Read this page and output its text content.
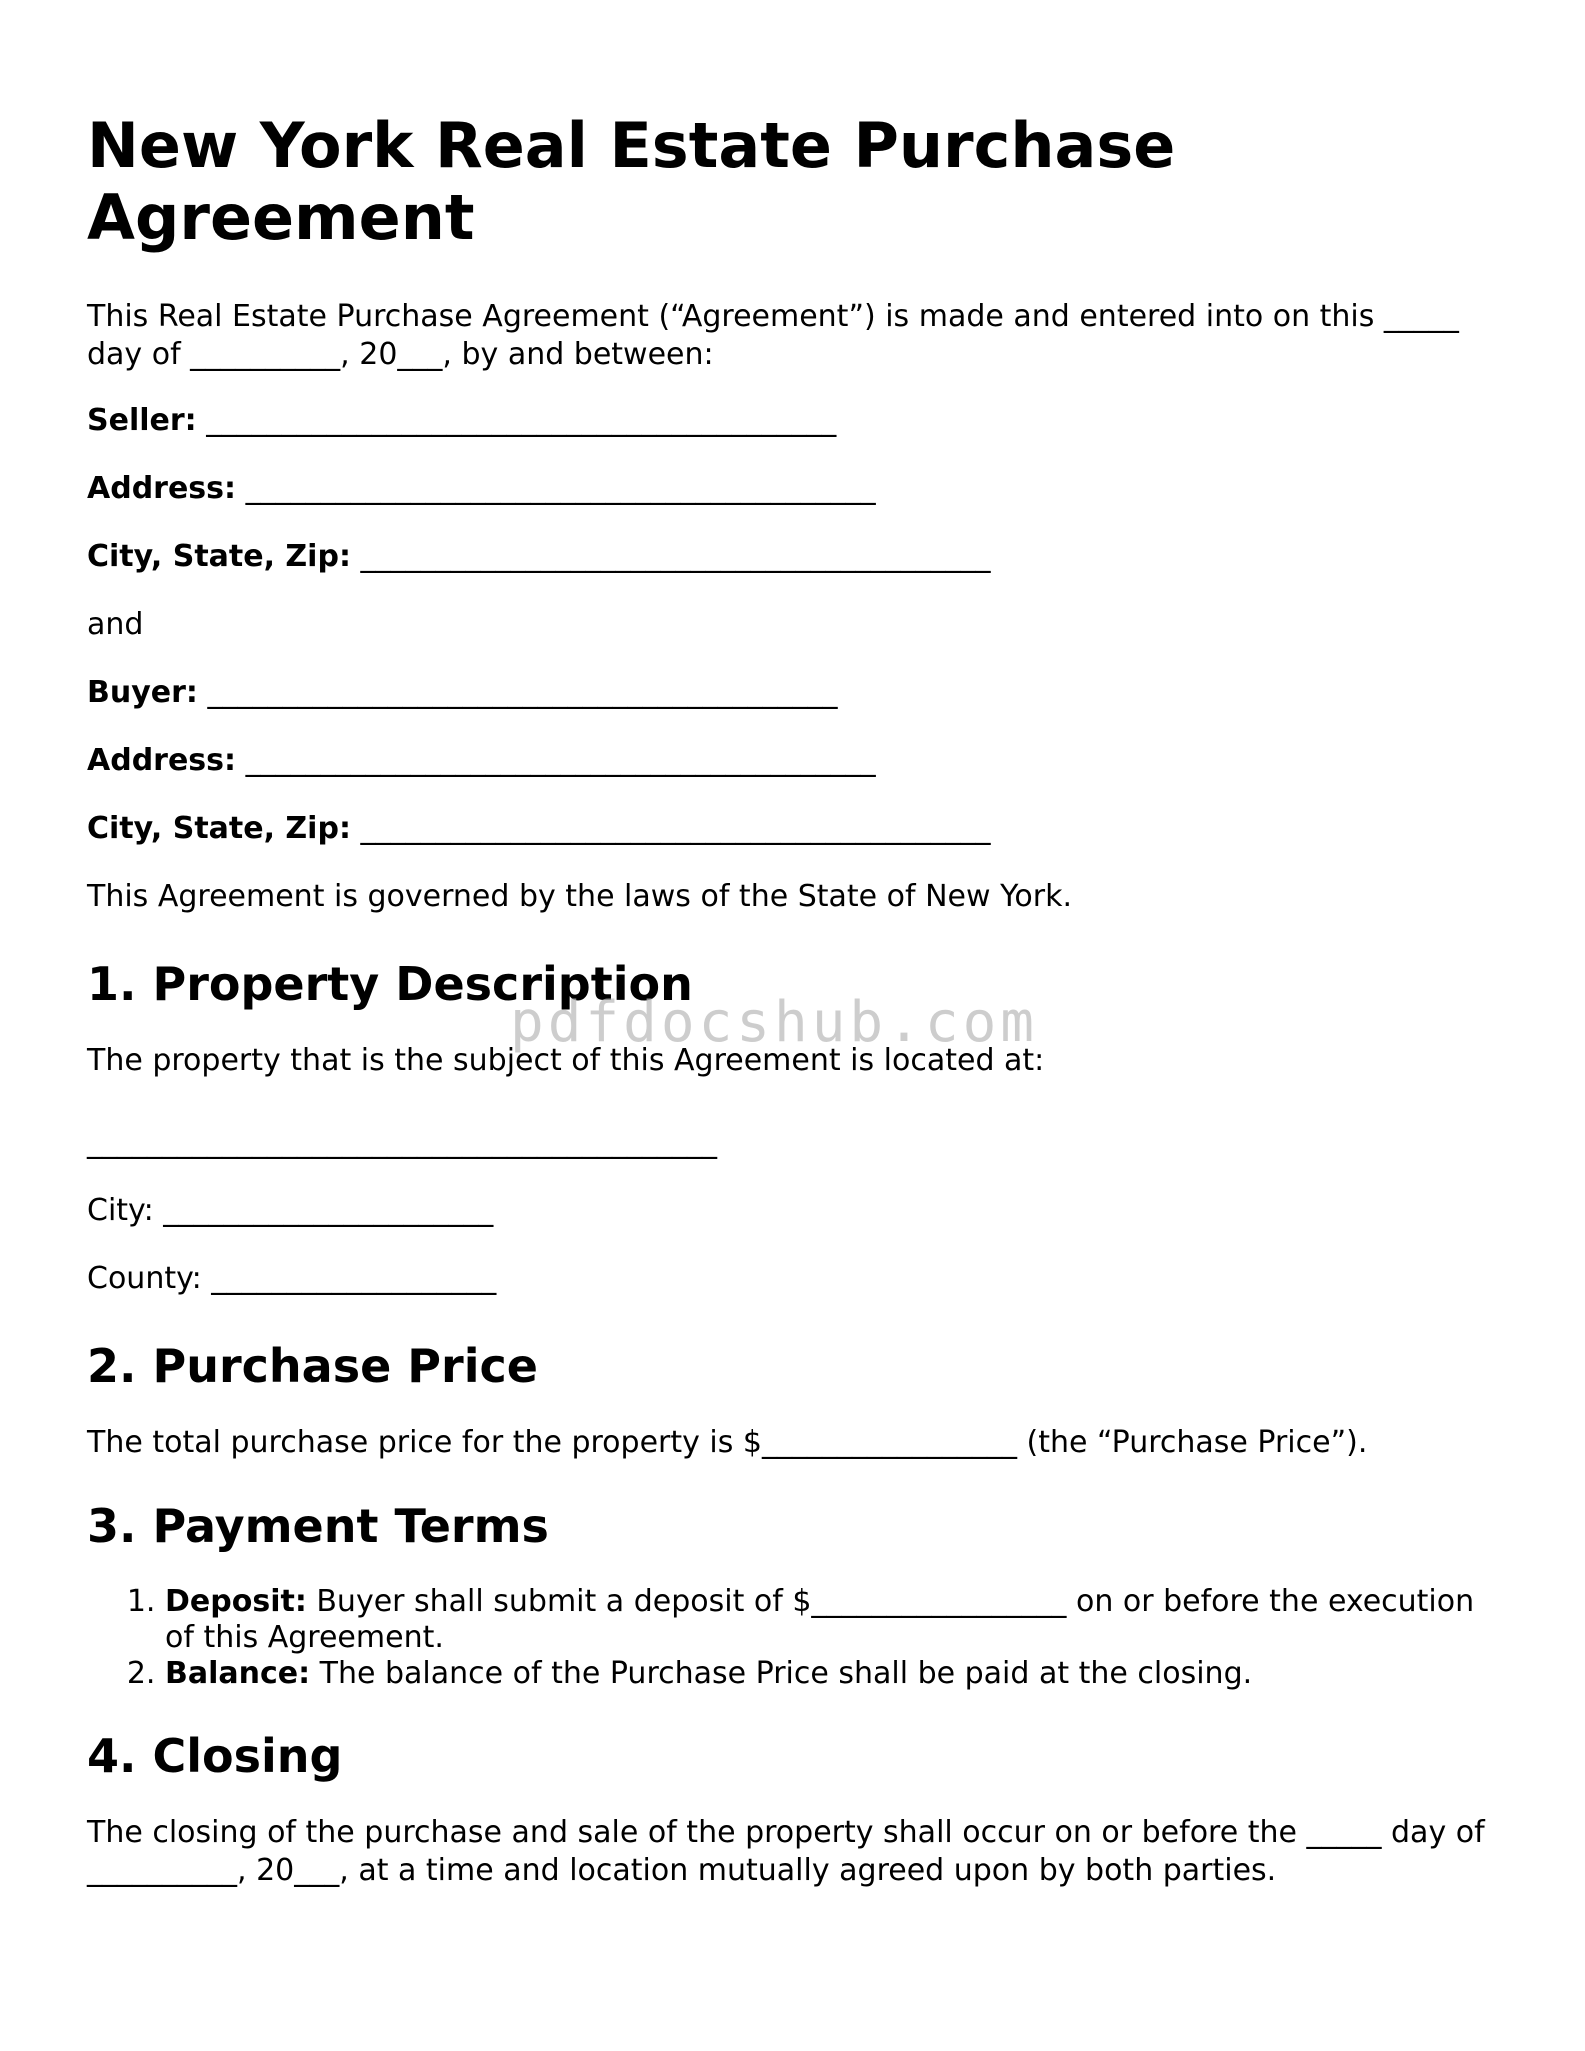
New York Real Estate Purchase Agreement

This Real Estate Purchase Agreement (“Agreement”) is made and entered into on this _____ day of __________, 20___, by and between:

Seller: __________________________________________
Address: __________________________________________
City, State, Zip: __________________________________________

and

Buyer: __________________________________________
Address: __________________________________________
City, State, Zip: __________________________________________

This Agreement is governed by the laws of the State of New York.

1. Property Description

The property that is the subject of this Agreement is located at:

__________________________________________
City: ______________________
County: ___________________
2. Purchase Price

The total purchase price for the property is $_________________ (the “Purchase Price”).

3. Payment Terms
1. Deposit: Buyer shall submit a deposit of $_________________ on or before the execution of this Agreement.
2. Balance: The balance of the Purchase Price shall be paid at the closing.
4. Closing

The closing of the purchase and sale of the property shall occur on or before the _____ day of __________, 20___, at a time and location mutually agreed upon by both parties.

pdfdocshub.com
